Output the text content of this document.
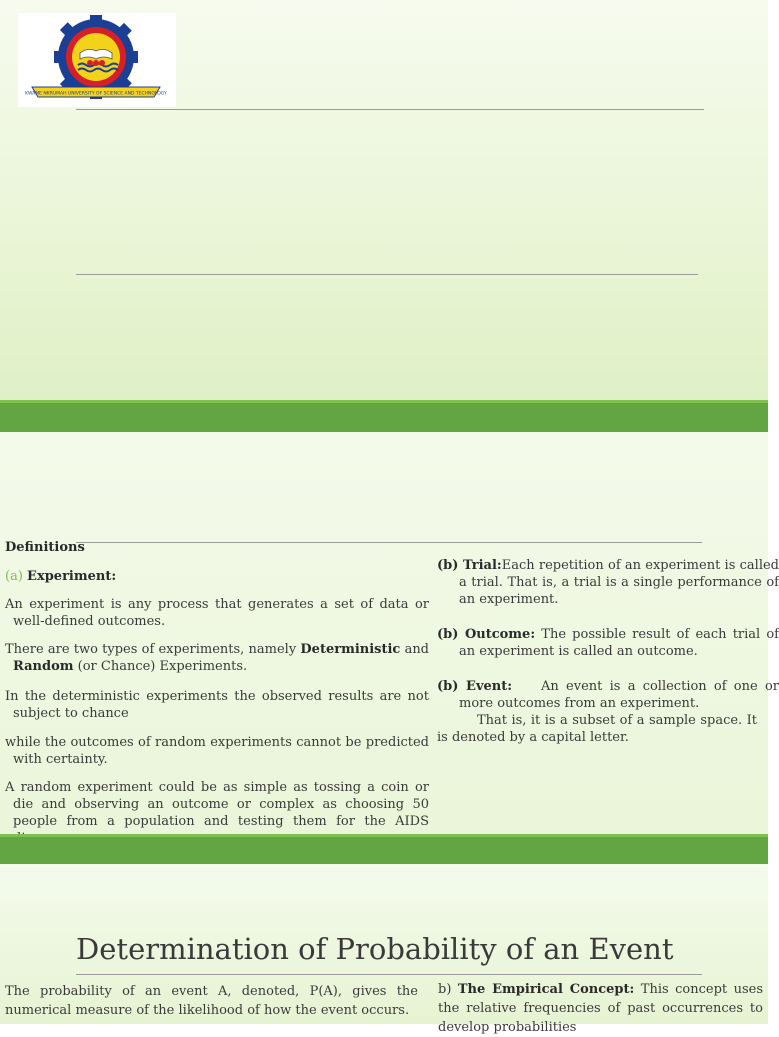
KWAME NKRUMAH UNIVERSITY OF SCIENCE AND TECHNOLOGY
Definitions
(a) Experiment:
An experiment is any process that generates a set of data or well-defined outcomes.
There are two types of experiments, namely Deterministic and Random (or Chance) Experiments.
In the deterministic experiments the observed results are not subject to chance
while the outcomes of random experiments cannot be predicted with certainty.
A random experiment could be as simple as tossing a coin or die and observing an outcome or complex as choosing 50 people from a population and testing them for the AIDS
(b) Trial:Each repetition of an experiment is called a trial. That is, a trial is a single performance of an experiment.
(b) Outcome: The possible result of each trial of an experiment is called an outcome.
(b) Event:    An event is a collection of one or more outcomes from an experiment.
That is, it is a subset of a sample space. It is denoted by a capital letter.
Determination of Probability of an Event
The probability of an event A, denoted, P(A), gives the numerical measure of the likelihood of how the event occurs.
b) The Empirical Concept: This concept uses the relative frequencies of past occurrences to develop probabilities
